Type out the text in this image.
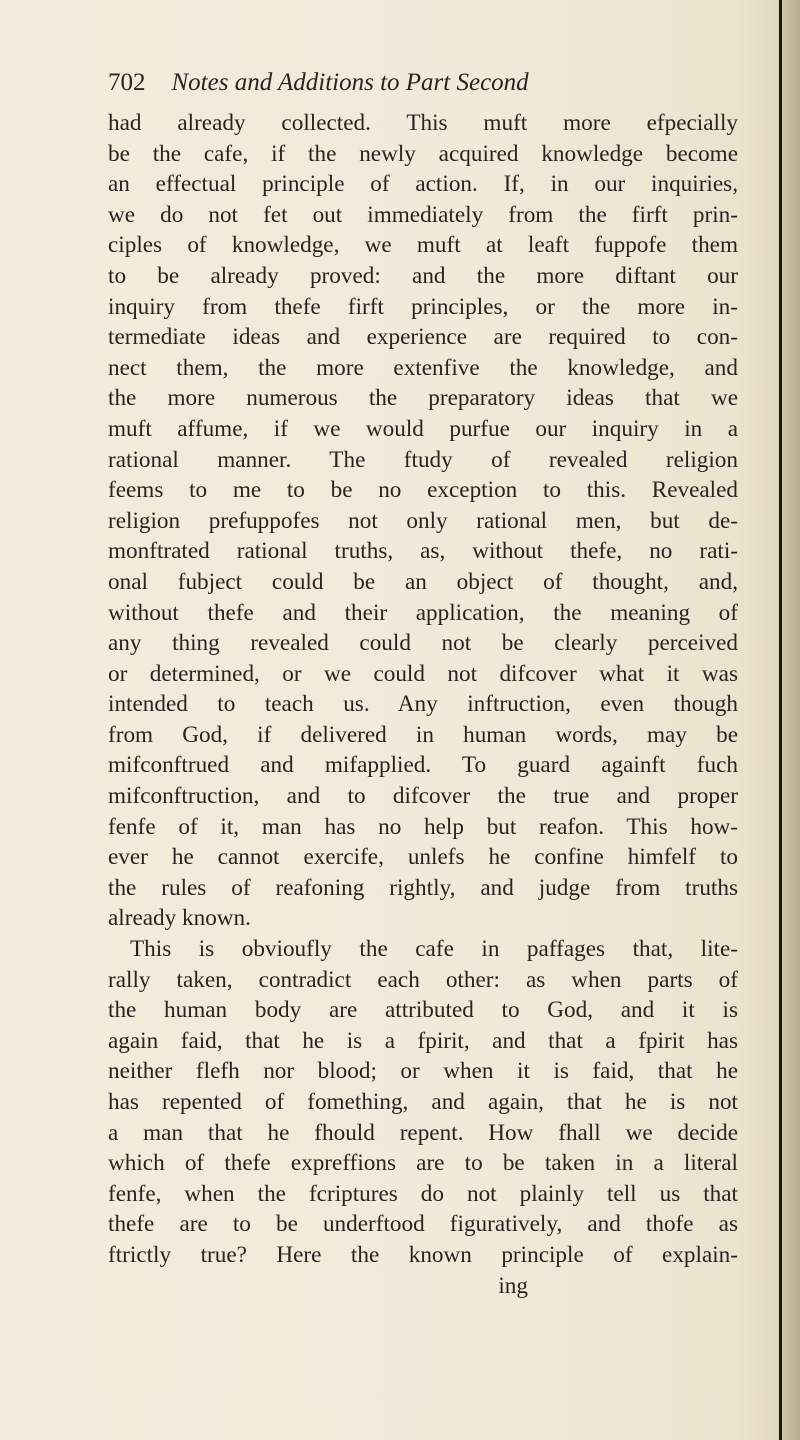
702 Notes and Additions to Part Second
had already collected. This muft more efpecially
be the cafe, if the newly acquired knowledge become
an effectual principle of action. If, in our inquiries,
we do not fet out immediately from the firft prin-
ciples of knowledge, we muft at leaft fuppofe them
to be already proved: and the more diftant our
inquiry from thefe firft principles, or the more in-
termediate ideas and experience are required to con-
nect them, the more extenfive the knowledge, and
the more numerous the preparatory ideas that we
muft affume, if we would purfue our inquiry in a
rational manner. The ftudy of revealed religion
feems to me to be no exception to this. Revealed
religion prefuppofes not only rational men, but de-
monftrated rational truths, as, without thefe, no rati-
onal fubject could be an object of thought, and,
without thefe and their application, the meaning of
any thing revealed could not be clearly perceived
or determined, or we could not difcover what it was
intended to teach us. Any inftruction, even though
from God, if delivered in human words, may be
mifconftrued and mifapplied. To guard againft fuch
mifconftruction, and to difcover the true and proper
fenfe of it, man has no help but reafon. This how-
ever he cannot exercife, unlefs he confine himfelf to
the rules of reafoning rightly, and judge from truths
already known.
This is obvioufly the cafe in paffages that, lite-
rally taken, contradict each other: as when parts of
the human body are attributed to God, and it is
again faid, that he is a fpirit, and that a fpirit has
neither flefh nor blood; or when it is faid, that he
has repented of fomething, and again, that he is not
a man that he fhould repent. How fhall we decide
which of thefe expreffions are to be taken in a literal
fenfe, when the fcriptures do not plainly tell us that
thefe are to be underftood figuratively, and thofe as
ftrictly true? Here the known principle of explain-
ing
